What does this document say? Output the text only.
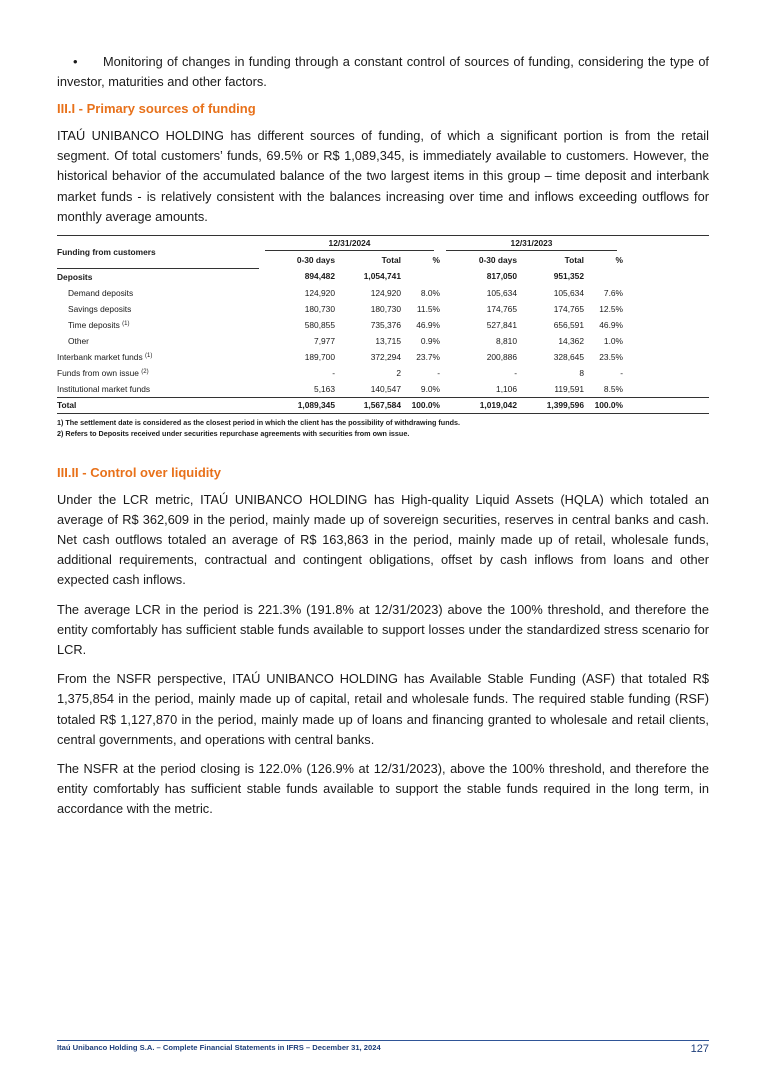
•	Monitoring of changes in funding through a constant control of sources of funding, considering the type of investor, maturities and other factors.
III.I - Primary sources of funding

ITAÚ UNIBANCO HOLDING has different sources of funding, of which a significant portion is from the retail segment. Of total customers’ funds, 69.5% or R$ 1,089,345, is immediately available to customers. However, the historical behavior of the accumulated balance of the two largest items in this group – time deposit and interbank market funds - is relatively consistent with the balances increasing over time and inflows exceeding outflows for monthly average amounts.

Funding from customers	12/31/2024			12/31/2023			

	0-30 days	Total	%	0-30 days	Total	%	
Deposits	894,482	1,054,741		817,050	951,352		
Demand deposits	124,920	124,920	8.0%	105,634	105,634	7.6%	
Savings deposits	180,730	180,730	11.5%	174,765	174,765	12.5%	
Time deposits $^{(1)}$	580,855	735,376	46.9%	527,841	656,591	46.9%	
Other	7,977	13,715	0.9%	8,810	14,362	1.0%	
Interbank market funds $^{(1)}$	189,700	372,294	23.7%	200,886	328,645	23.5%	
Funds from own issue $^{(2)}$	-	2	-	-	8	-	
Institutional market funds	5,163	140,547	9.0%	1,106	119,591	8.5%	
Total	1,089,345	1,567,584	100.0%	1,019,042	1,399,596	100.0%	
1) The settlement date is considered as the closest period in which the client has the possibility of withdrawing funds.
2) Refers to Deposits received under securities repurchase agreements with securities from own issue.
III.II - Control over liquidity

Under the LCR metric, ITAÚ UNIBANCO HOLDING has High-quality Liquid Assets (HQLA) which totaled an average of R$ 362,609 in the period, mainly made up of sovereign securities, reserves in central banks and cash. Net cash outflows totaled an average of R$ 163,863 in the period, mainly made up of retail, wholesale funds, additional requirements, contractual and contingent obligations, offset by cash inflows from loans and other expected cash inflows.

The average LCR in the period is 221.3% (191.8% at 12/31/2023) above the 100% threshold, and therefore the entity comfortably has sufficient stable funds available to support losses under the standardized stress scenario for LCR.

From the NSFR perspective, ITAÚ UNIBANCO HOLDING has Available Stable Funding (ASF) that totaled R$ 1,375,854 in the period, mainly made up of capital, retail and wholesale funds. The required stable funding (RSF) totaled R$ 1,127,870 in the period, mainly made up of loans and financing granted to wholesale and retail clients, central governments, and operations with central banks.

The NSFR at the period closing is 122.0% (126.9% at 12/31/2023), above the 100% threshold, and therefore the entity comfortably has sufficient stable funds available to support the stable funds required in the long term, in accordance with the metric.

Itaú Unibanco Holding S.A. – Complete Financial Statements in IFRS – December 31, 2024	127
